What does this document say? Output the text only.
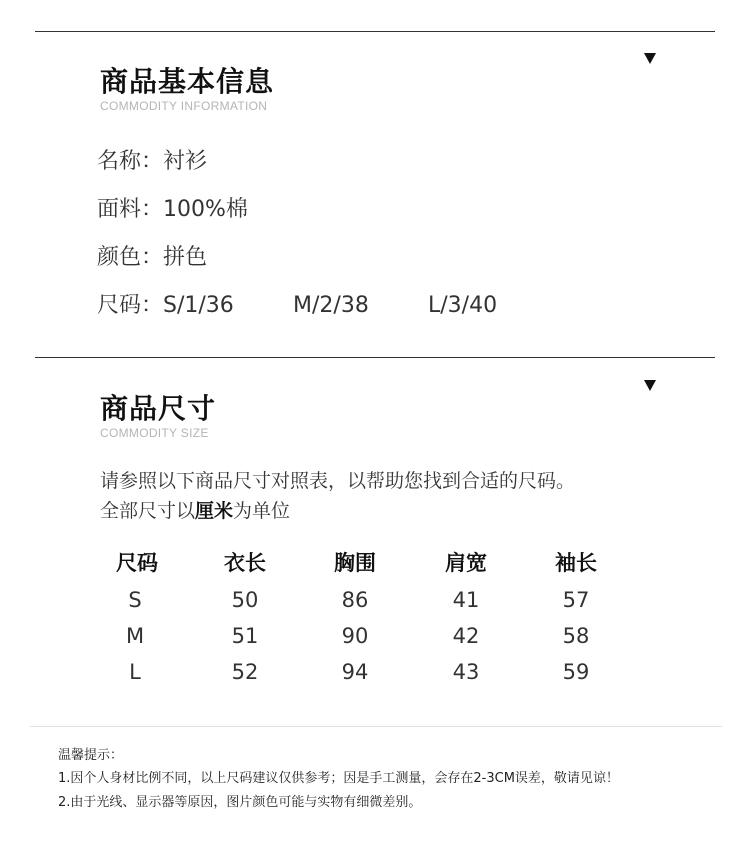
商品基本信息
COMMODITY INFORMATION
名称：衬衫
面料：100%棉
颜色：拼色
尺码：S/1/36	M/2/38	L/3/40
商品尺寸
COMMODITY SIZE
请参照以下商品尺寸对照表，以帮助您找到合适的尺码。
全部尺寸以厘米为单位
尺码	衣长	胸围	肩宽	袖长
S	50	86	41	57
M	51	90	42	58
L	52	94	43	59
温馨提示：
1.因个人身材比例不同，以上尺码建议仅供参考；因是手工测量，会存在2-3CM误差，敬请见谅！
2.由于光线、显示器等原因，图片颜色可能与实物有细微差别。
